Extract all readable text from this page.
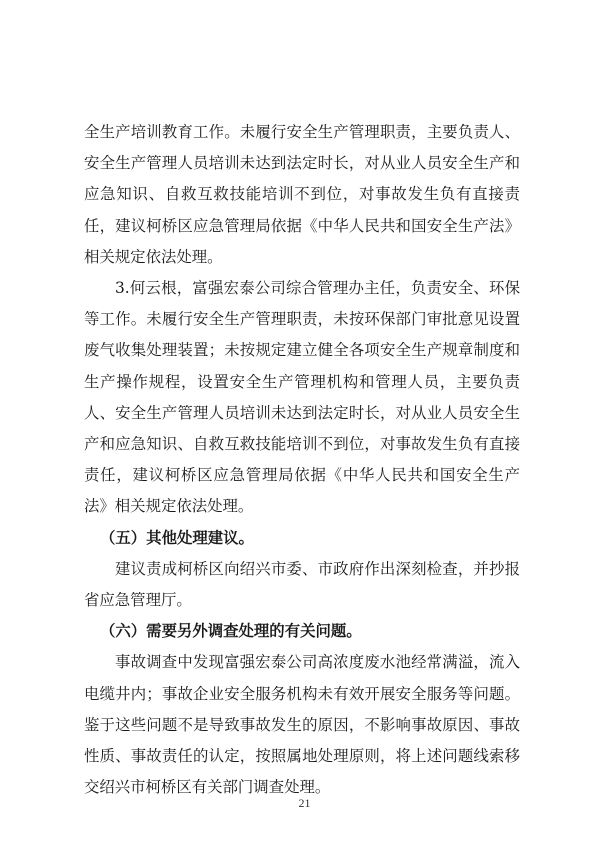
全生产培训教育工作。未履行安全生产管理职责，主要负责人、安全生产管理人员培训未达到法定时长，对从业人员安全生产和应急知识、自救互救技能培训不到位，对事故发生负有直接责任，建议柯桥区应急管理局依据《中华人民共和国安全生产法》相关规定依法处理。

3.何云根，富强宏泰公司综合管理办主任，负责安全、环保等工作。未履行安全生产管理职责，未按环保部门审批意见设置废气收集处理装置；未按规定建立健全各项安全生产规章制度和生产操作规程，设置安全生产管理机构和管理人员，主要负责人、安全生产管理人员培训未达到法定时长，对从业人员安全生产和应急知识、自救互救技能培训不到位，对事故发生负有直接责任，建议柯桥区应急管理局依据《中华人民共和国安全生产法》相关规定依法处理。

（五）其他处理建议。

建议责成柯桥区向绍兴市委、市政府作出深刻检查，并抄报省应急管理厅。

（六）需要另外调查处理的有关问题。

事故调查中发现富强宏泰公司高浓度废水池经常满溢，流入电缆井内；事故企业安全服务机构未有效开展安全服务等问题。鉴于这些问题不是导致事故发生的原因，不影响事故原因、事故性质、事故责任的认定，按照属地处理原则，将上述问题线索移交绍兴市柯桥区有关部门调查处理。

21
